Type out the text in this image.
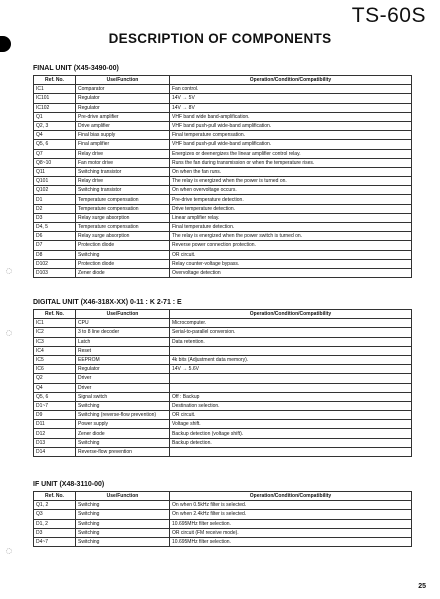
TS-60S
DESCRIPTION OF COMPONENTS
FINAL UNIT (X45-3490-00)
Ref. No.	Use/Function	Operation/Condition/Compatibility
IC1	Comparator	Fan control.
IC101	Regulator	14V → 5V
IC102	Regulator	14V → 8V
Q1	Pre-drive amplifier	VHF band wide band-amplification.
Q2, 3	Drive amplifier	VHF band push-pull wide-band amplification.
Q4	Final bias supply	Final temperature compensation.
Q5, 6	Final amplifier	VHF band push-pull wide-band amplification.
Q7	Relay drive	Energizes or deenergizes the linear amplifier control relay.
Q8~10	Fan motor drive	Runs the fan during transmission or when the temperature rises.
Q11	Switching transistor	On when the fan runs.
Q101	Relay drive	The relay is energized when the power is turned on.
Q102	Switching transistor	On when overvoltage occurs.
D1	Temperature compensation	Pre-drive temperature detection.
D2	Temperature compensation	Drive temperature detection.
D3	Relay surge absorption	Linear amplifier relay.
D4, 5	Temperature compensation	Final temperature detection.
D6	Relay surge absorption	The relay is energized when the power switch is turned on.
D7	Protection diode	Reverse power connection protection.
D8	Switching	OR circuit.
D102	Protection diode	Relay counter-voltage bypass.
D103	Zener diode	Overvoltage detection
DIGITAL UNIT (X46-318X-XX) 0-11 : K 2-71 : E
Ref. No.	Use/Function	Operation/Condition/Compatibility
IC1	CPU	Microcomputer.
IC2	3 to 8 line decoder	Serial-to-parallel conversion.
IC3	Latch	Data retention.
IC4	Reset	
IC5	EEPROM	4k bits (Adjustment data memory).
IC6	Regulator	14V → 5.6V
Q2	Driver	
Q4	Driver	
Q5, 6	Signal switch	Off : Backup
D1~7	Switching	Destination selection.
D9	Switching (reverse-flow prevention)	OR circuit.
D11	Power supply	Voltage shift.
D12	Zener diode	Backup detection (voltage shift).
D13	Switching	Backup detection.
D14	Reverse-flow prevention	
IF UNIT (X48-3110-00)
Ref. No.	Use/Function	Operation/Condition/Compatibility
Q1, 2	Switching	On when 0.5kHz filter is selected.
Q3	Switching	On when 2.4kHz filter is selected.
D1, 2	Switching	10.695MHz filter selection.
D3	Switching	OR circuit (FM receive mode).
D4~7	Switching	10.695MHz filter selection.
25
